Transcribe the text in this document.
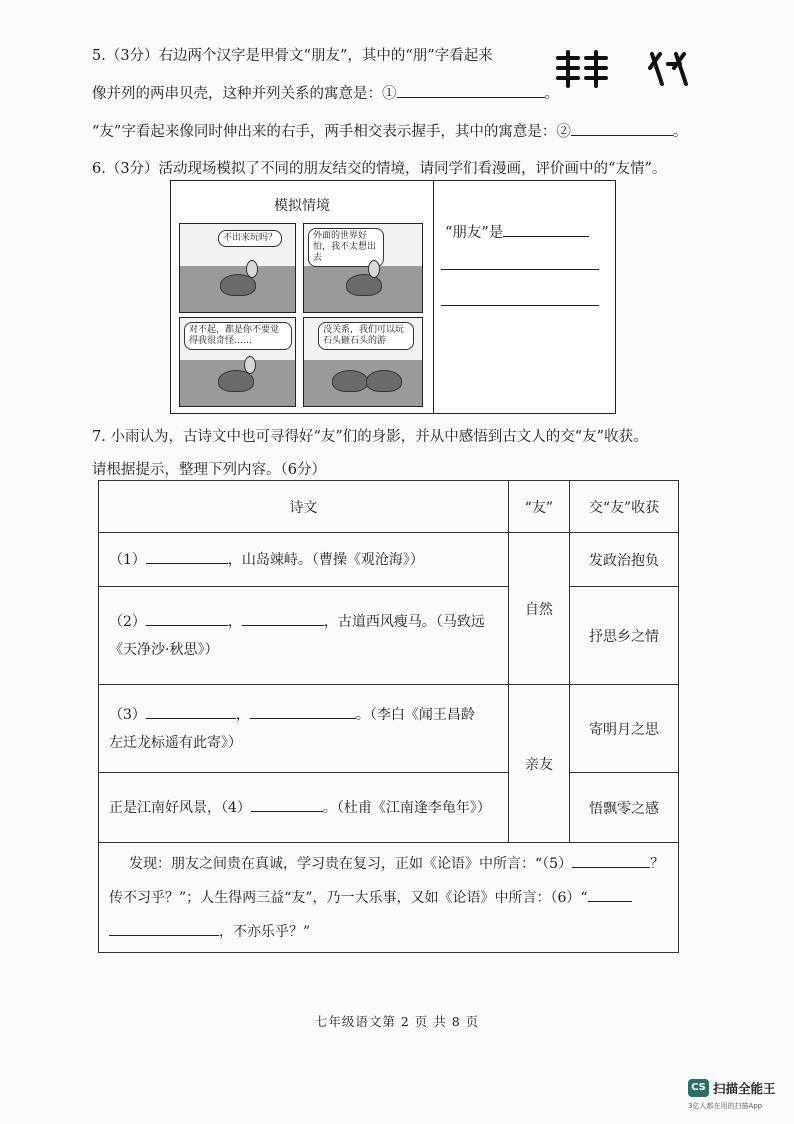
5.（3分）右边两个汉字是甲骨文“朋友”，其中的“朋”字看起来
像并列的两串贝壳，这种并列关系的寓意是：①	。
“友”字看起来像同时伸出来的右手，两手相交表示握手，其中的寓意是：②	。
6.（3分）活动现场模拟了不同的朋友结交的情境，请同学们看漫画，评价画中的“友情”。
模拟情境
不出来玩吗？	外面的世界好怕，我不太想出去
对不起，都是你不要觉得我很奇怪……
没关系，我们可以玩石头砸石头的游
“朋友”是
7. 小雨认为，古诗文中也可寻得好“友”们的身影，并从中感悟到古文人的交“友”收获。
请根据提示，整理下列内容。（6分）
诗文	“友”	交“友”收获
（1） ，山岛竦峙。（曹操《观沧海》）	自然	发政治抱负
（2） ， ，古道西风瘦马。（马致远
《天净沙·秋思》）		抒思乡之情
（3） ， 。（李白《闻王昌龄
左迁龙标遥有此寄》）	亲友	寄明月之思
正是江南好风景，（4） 。（杜甫《江南逢李龟年》）		悟飘零之感
发现：朋友之间贵在真诚，学习贵在复习，正如《论语》中所言：“（5） ？
传不习乎？”；人生得两三益“友”，乃一大乐事，又如《论语》中所言：（6）“
，不亦乐乎？”		
七年级语文第 2 页 共 8 页
CS 扫描全能王
3亿人都在用的扫描App
